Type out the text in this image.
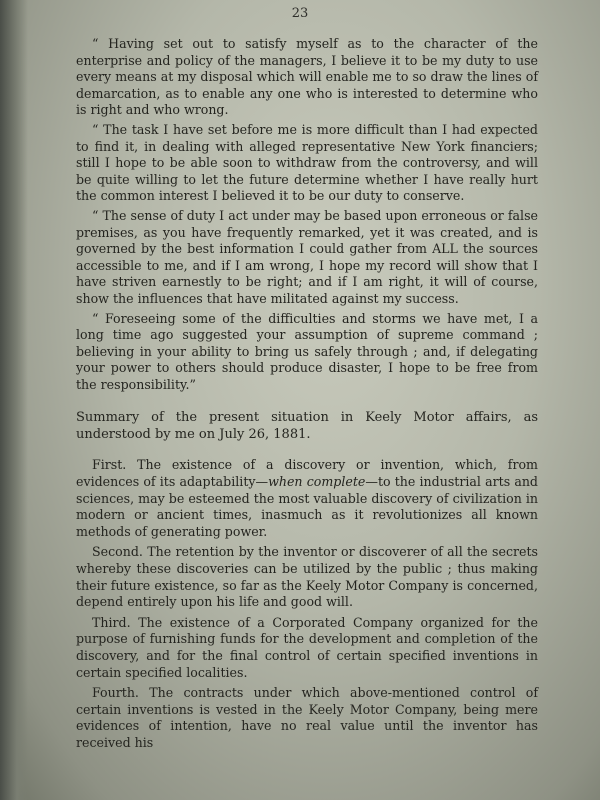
23

“ Having set out to satisfy myself as to the character of the enterprise and policy of the managers, I believe it to be my duty to use every means at my disposal which will enable me to so draw the lines of demarcation, as to enable any one who is interested to determine who is right and who wrong.

“ The task I have set before me is more difficult than I had expected to find it, in dealing with alleged representative New York financiers; still I hope to be able soon to withdraw from the controversy, and will be quite willing to let the future determine whether I have really hurt the common interest I believed it to be our duty to conserve.

“ The sense of duty I act under may be based upon erroneous or false premises, as you have frequently remarked, yet it was created, and is governed by the best information I could gather from ALL the sources accessible to me, and if I am wrong, I hope my record will show that I have striven earnestly to be right; and if I am right, it will of course, show the influences that have militated against my success.

“ Foreseeing some of the difficulties and storms we have met, I a long time ago suggested your assumption of supreme command ; believing in your ability to bring us safely through ; and, if delegating your power to others should produce disaster, I hope to be free from the responsibility.”

Summary of the present situation in Keely Motor affairs, as understood by me on July 26, 1881.

First. The existence of a discovery or invention, which, from evidences of its adaptability—when complete—to the industrial arts and sciences, may be esteemed the most valuable discovery of civilization in modern or ancient times, inasmuch as it revolutionizes all known methods of generating power.

Second. The retention by the inventor or discoverer of all the secrets whereby these discoveries can be utilized by the public ; thus making their future existence, so far as the Keely Motor Company is concerned, depend entirely upon his life and good will.

Third. The existence of a Corporated Company organized for the purpose of furnishing funds for the development and completion of the discovery, and for the final control of certain specified inventions in certain specified localities.

Fourth. The contracts under which above-mentioned control of certain inventions is vested in the Keely Motor Company, being mere evidences of intention, have no real value until the inventor has received his
